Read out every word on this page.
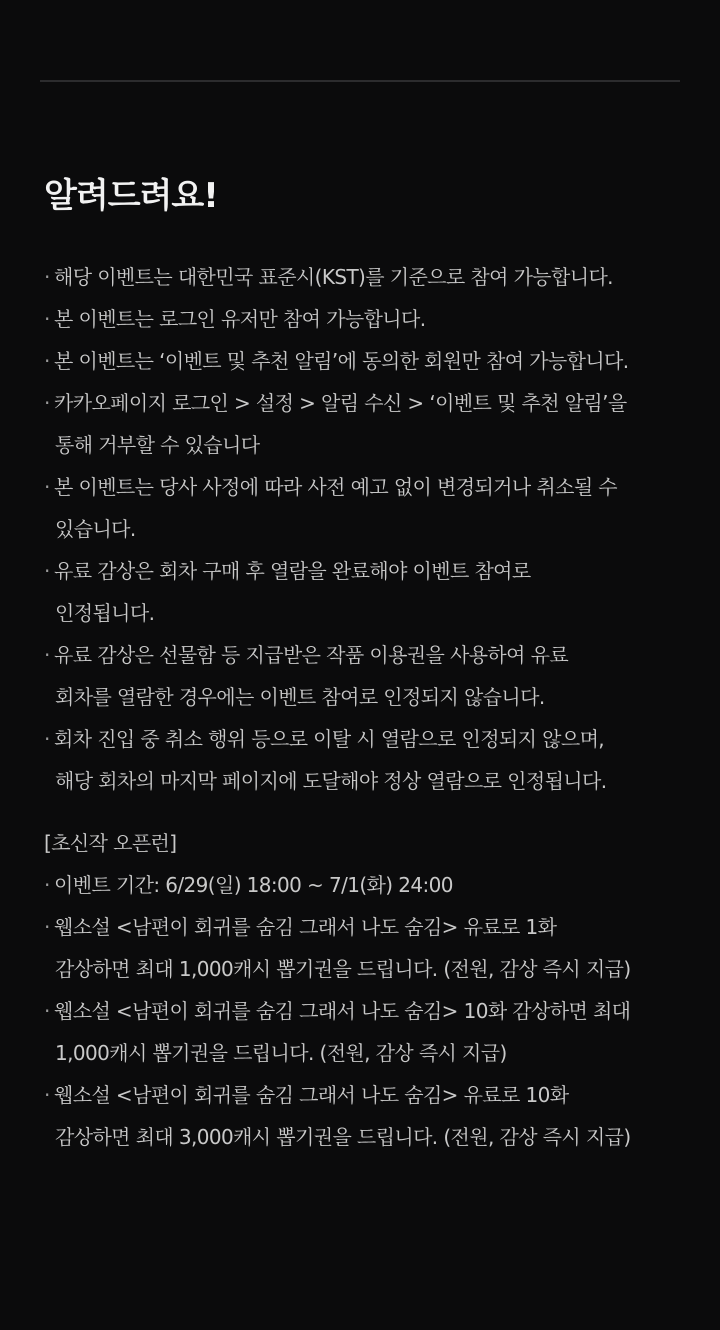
알려드려요!
· 해당 이벤트는 대한민국 표준시(KST)를 기준으로 참여 가능합니다.
· 본 이벤트는 로그인 유저만 참여 가능합니다.
· 본 이벤트는 ‘이벤트 및 추천 알림’에 동의한 회원만 참여 가능합니다.
· 카카오페이지 로그인 > 설정 > 알림 수신 > ‘이벤트 및 추천 알림’을
통해 거부할 수 있습니다
· 본 이벤트는 당사 사정에 따라 사전 예고 없이 변경되거나 취소될 수
있습니다.
· 유료 감상은 회차 구매 후 열람을 완료해야 이벤트 참여로
인정됩니다.
· 유료 감상은 선물함 등 지급받은 작품 이용권을 사용하여 유료
회차를 열람한 경우에는 이벤트 참여로 인정되지 않습니다.
· 회차 진입 중 취소 행위 등으로 이탈 시 열람으로 인정되지 않으며,
해당 회차의 마지막 페이지에 도달해야 정상 열람으로 인정됩니다.
[초신작 오픈런]
· 이벤트 기간: 6/29(일) 18:00 ~ 7/1(화) 24:00
· 웹소설 <남편이 회귀를 숨김 그래서 나도 숨김> 유료로 1화
감상하면 최대 1,000캐시 뽑기권을 드립니다. (전원, 감상 즉시 지급)
· 웹소설 <남편이 회귀를 숨김 그래서 나도 숨김> 10화 감상하면 최대
1,000캐시 뽑기권을 드립니다. (전원, 감상 즉시 지급)
· 웹소설 <남편이 회귀를 숨김 그래서 나도 숨김> 유료로 10화
감상하면 최대 3,000캐시 뽑기권을 드립니다. (전원, 감상 즉시 지급)
